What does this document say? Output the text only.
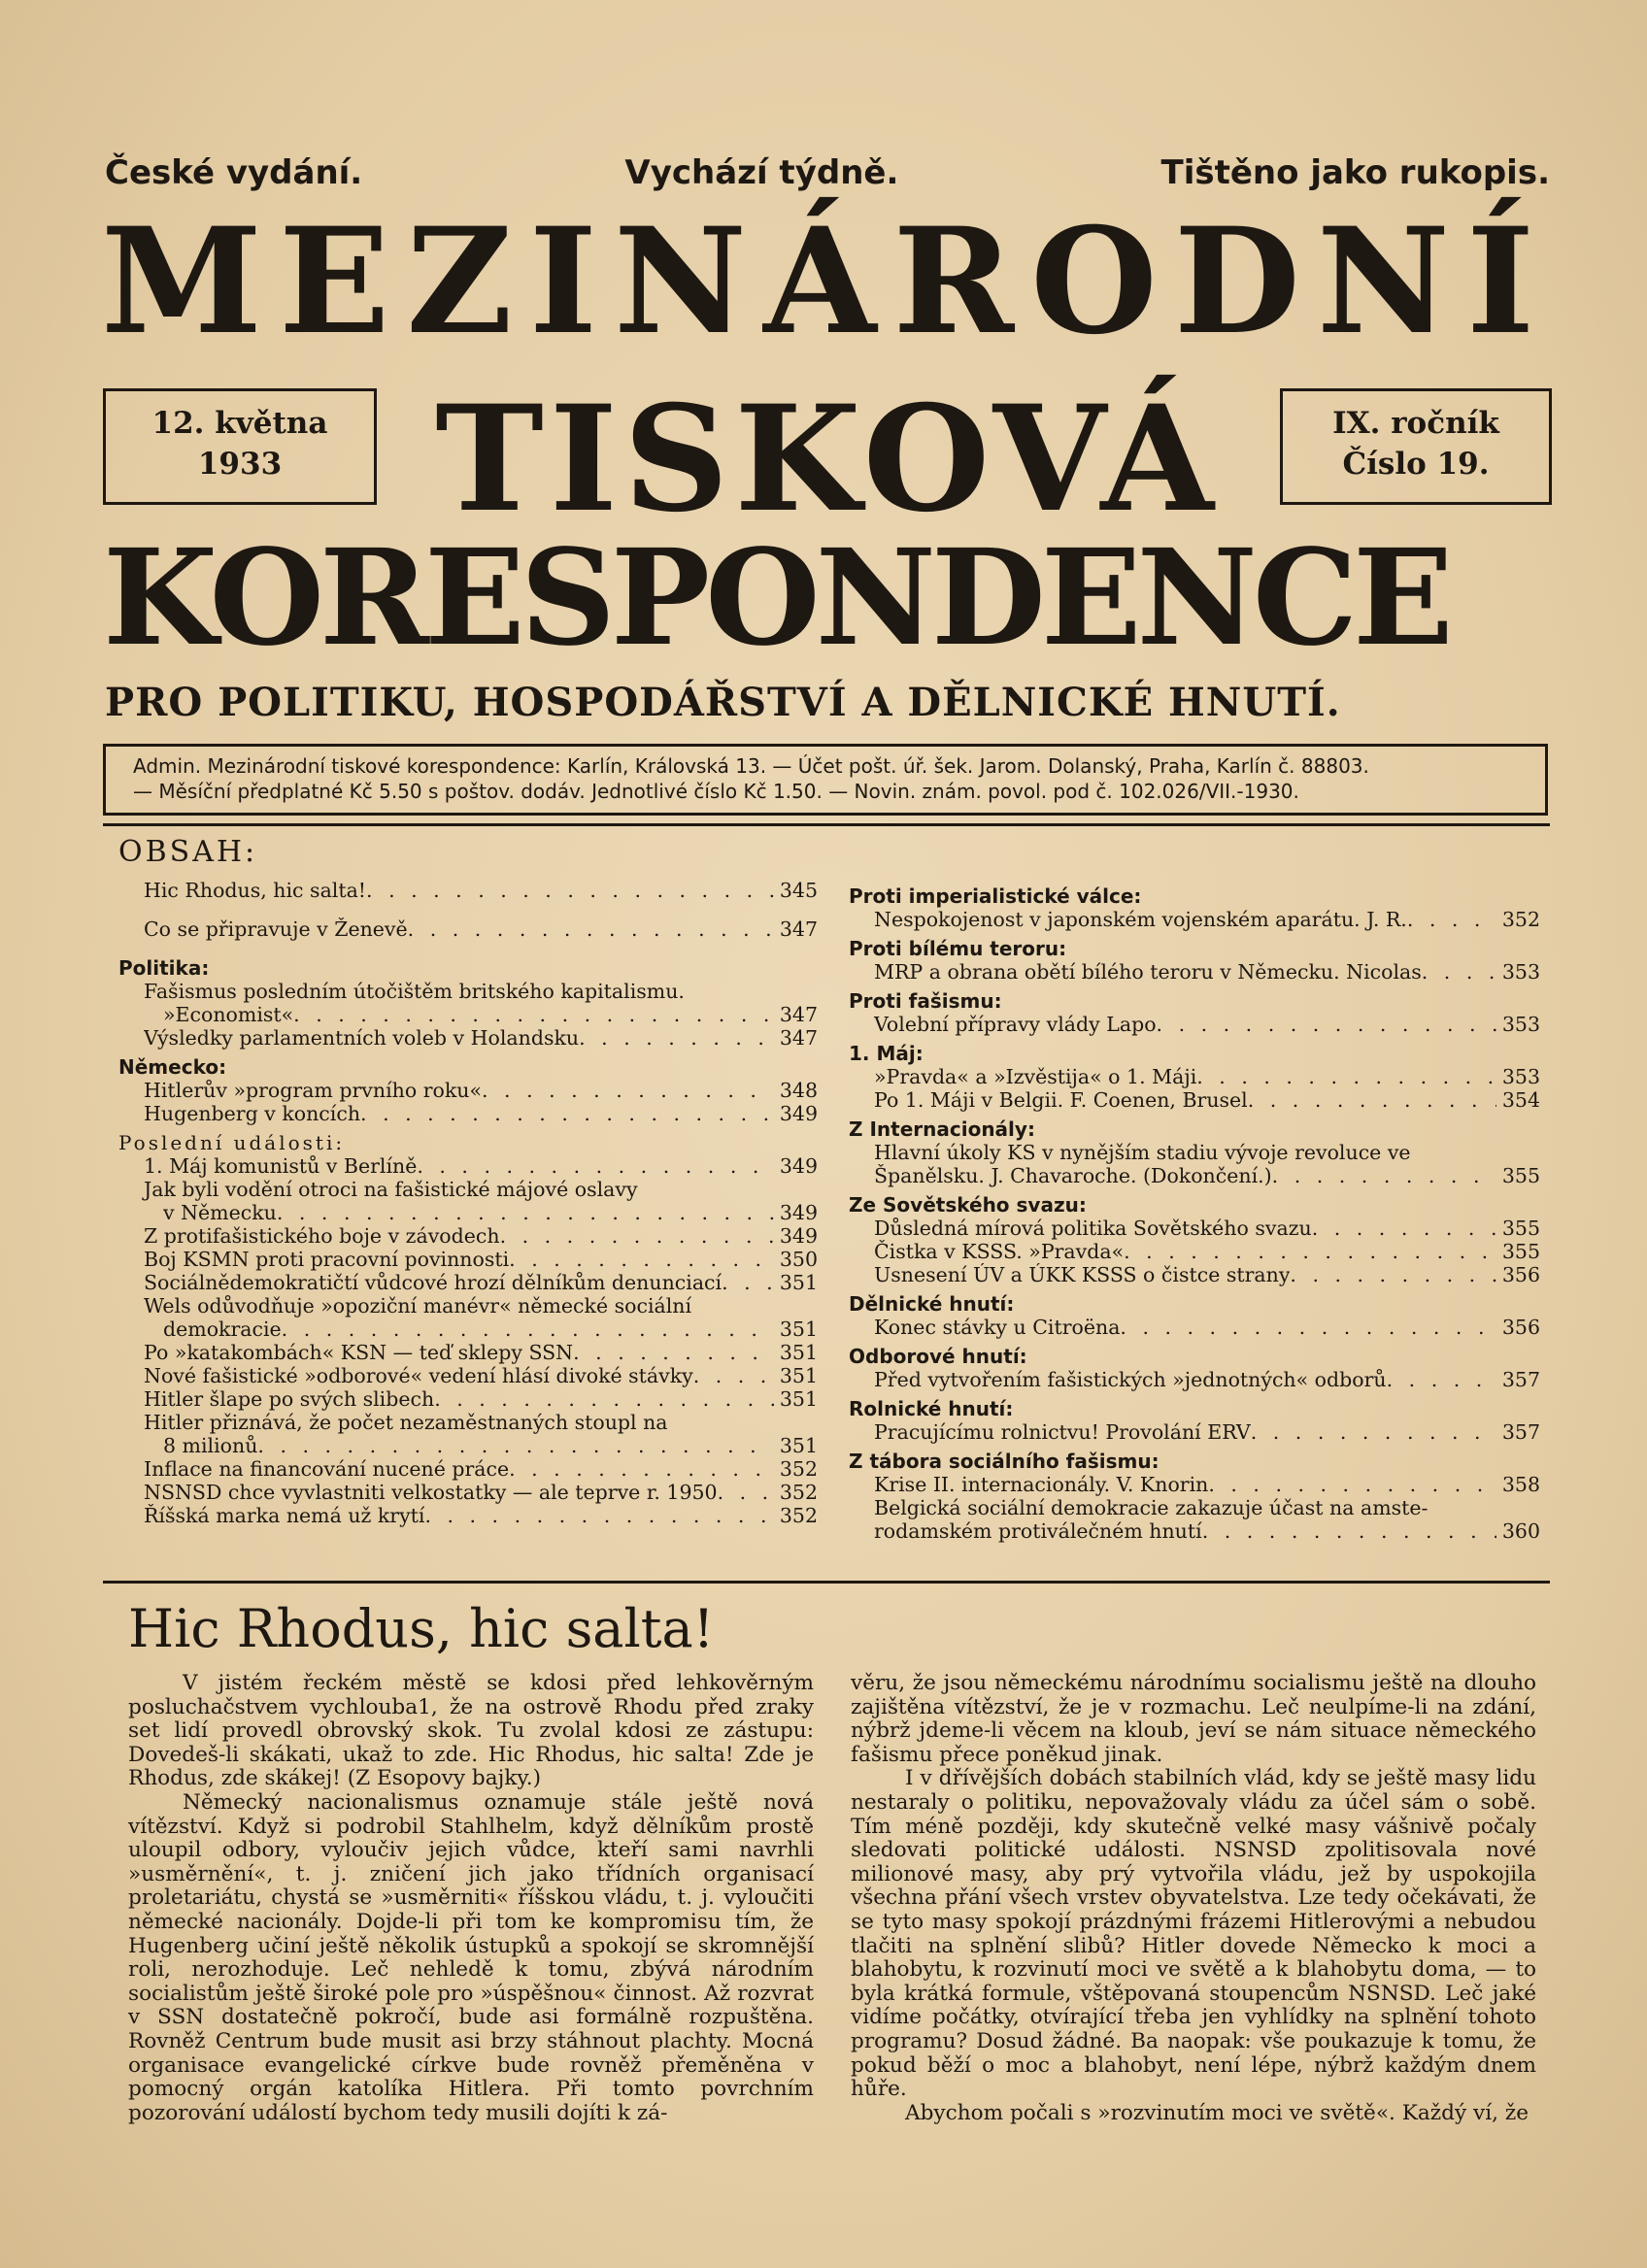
České vydání.	Vychází týdně.	Tištěno jako rukopis.
MEZINÁRODNÍ
12. května
1933	TISKOVÁ	IX. ročník
Číslo 19.
KORESPONDENCE
PRO POLITIKU, HOSPODÁŘSTVÍ A DĚLNICKÉ HNUTÍ.
Admin. Mezinárodní tiskové korespondence: Karlín, Královská 13. — Účet pošt. úř. šek. Jarom. Dolanský, Praha, Karlín č. 88803.
— Měsíční předplatné Kč 5.50 s poštov. dodáv. Jednotlivé číslo Kč 1.50. — Novin. znám. povol. pod č. 102.026/VII.-1930.
OBSAH:
Hic Rhodus, hic salta! . . .	345
Co se připravuje v Ženevě . . .	347
Politika:
Fašismus posledním útočištěm britského kapitalismu.
»Economist« . . .	347
Výsledky parlamentních voleb v Holandsku . . .	347
Německo:
Hitlerův »program prvního roku« . . .	348
Hugenberg v koncích . . .	349
Poslední události:
1. Máj komunistů v Berlíně . . .	349
Jak byli vodění otroci na fašistické májové oslavy
v Německu . . .	349
Z protifašistického boje v závodech . . .	349
Boj KSMN proti pracovní povinnosti . . .	350
Sociálnědemokratičtí vůdcové hrozí dělníkům denunciací . . .	351
Wels odůvodňuje »opoziční manévr« německé sociální
demokracie . . .	351
Po »katakombách« KSN — teď sklepy SSN . . .	351
Nové fašistické »odborové« vedení hlásí divoké stávky . . .	351
Hitler šlape po svých slibech . . .	351
Hitler přiznává, že počet nezaměstnaných stoupl na
8 milionů . . .	351
Inflace na financování nucené práce . . .	352
NSNSD chce vyvlastniti velkostatky — ale teprve r. 1950 . . .	352
Říšská marka nemá už krytí . . .	352
Proti imperialistické válce:
Nespokojenost v japonském vojenském aparátu. J. R. . . .	352
Proti bílému teroru:
MRP a obrana obětí bílého teroru v Německu. Nicolas . . .	353
Proti fašismu:
Volební přípravy vlády Lapo . . .	353
1. Máj:
»Pravda« a »Izvěstija« o 1. Máji . . .	353
Po 1. Máji v Belgii. F. Coenen, Brusel . . .	354
Z Internacionály:
Hlavní úkoly KS v nynějším stadiu vývoje revoluce ve
Španělsku. J. Chavaroche. (Dokončení.) . . .	355
Ze Sovětského svazu:
Důsledná mírová politika Sovětského svazu . . .	355
Čistka v KSSS. »Pravda« . . .	355
Usnesení ÚV a ÚKK KSSS o čistce strany . . .	356
Dělnické hnutí:
Konec stávky u Citroëna . . .	356
Odborové hnutí:
Před vytvořením fašistických »jednotných« odborů . . .	357
Rolnické hnutí:
Pracujícímu rolnictvu! Provolání ERV . . .	357
Z tábora sociálního fašismu:
Krise II. internacionály. V. Knorin . . .	358
Belgická sociální demokracie zakazuje účast na amste-
rodamském protiválečném hnutí . . .	360
Hic Rhodus, hic salta!

V jistém řeckém městě se kdosi před lehkověrným posluchačstvem vychlouba1, že na ostrově Rhodu před zraky set lidí provedl obrovský skok. Tu zvolal kdosi ze zástupu: Dovedeš-li skákati, ukaž to zde. Hic Rhodus, hic salta! Zde je Rhodus, zde skákej! (Z Esopovy bajky.)

Německý nacionalismus oznamuje stále ještě nová vítězství. Když si podrobil Stahlhelm, když dělníkům prostě uloupil odbory, vyloučiv jejich vůdce, kteří sami navrhli »usměrnění«, t. j. zničení jich jako třídních organisací proletariátu, chystá se »usměrniti« říšskou vládu, t. j. vyloučiti německé nacionály. Dojde-li při tom ke kompromisu tím, že Hugenberg učiní ještě několik ústupků a spokojí se skromnější roli, nerozhoduje. Leč nehledě k tomu, zbývá národním socialistům ještě široké pole pro »úspěšnou« činnost. Až rozvrat v SSN dostatečně pokročí, bude asi formálně rozpuštěna. Rovněž Centrum bude musit asi brzy stáhnout plachty. Mocná organisace evangelické církve bude rovněž přeměněna v pomocný orgán katolíka Hitlera. Při tomto povrchním pozorování událostí bychom tedy musili dojíti k zá-

věru, že jsou německému národnímu socialismu ještě na dlouho zajištěna vítězství, že je v rozmachu. Leč neulpíme-li na zdání, nýbrž jdeme-li věcem na kloub, jeví se nám situace německého fašismu přece poněkud jinak.

I v dřívějších dobách stabilních vlád, kdy se ještě masy lidu nestaraly o politiku, nepovažovaly vládu za účel sám o sobě. Tím méně později, kdy skutečně velké masy vášnivě počaly sledovati politické události. NSNSD zpolitisovala nové milionové masy, aby prý vytvořila vládu, jež by uspokojila všechna přání všech vrstev obyvatelstva. Lze tedy očekávati, že se tyto masy spokojí prázdnými frázemi Hitlerovými a nebudou tlačiti na splnění slibů? Hitler dovede Německo k moci a blahobytu, k rozvinutí moci ve světě a k blahobytu doma, — to byla krátká formule, vštěpovaná stoupencům NSNSD. Leč jaké vidíme počátky, otvírající třeba jen vyhlídky na splnění tohoto programu? Dosud žádné. Ba naopak: vše poukazuje k tomu, že pokud běží o moc a blahobyt, není lépe, nýbrž každým dnem hůře.

Abychom počali s »rozvinutím moci ve světě«. Každý ví, že
